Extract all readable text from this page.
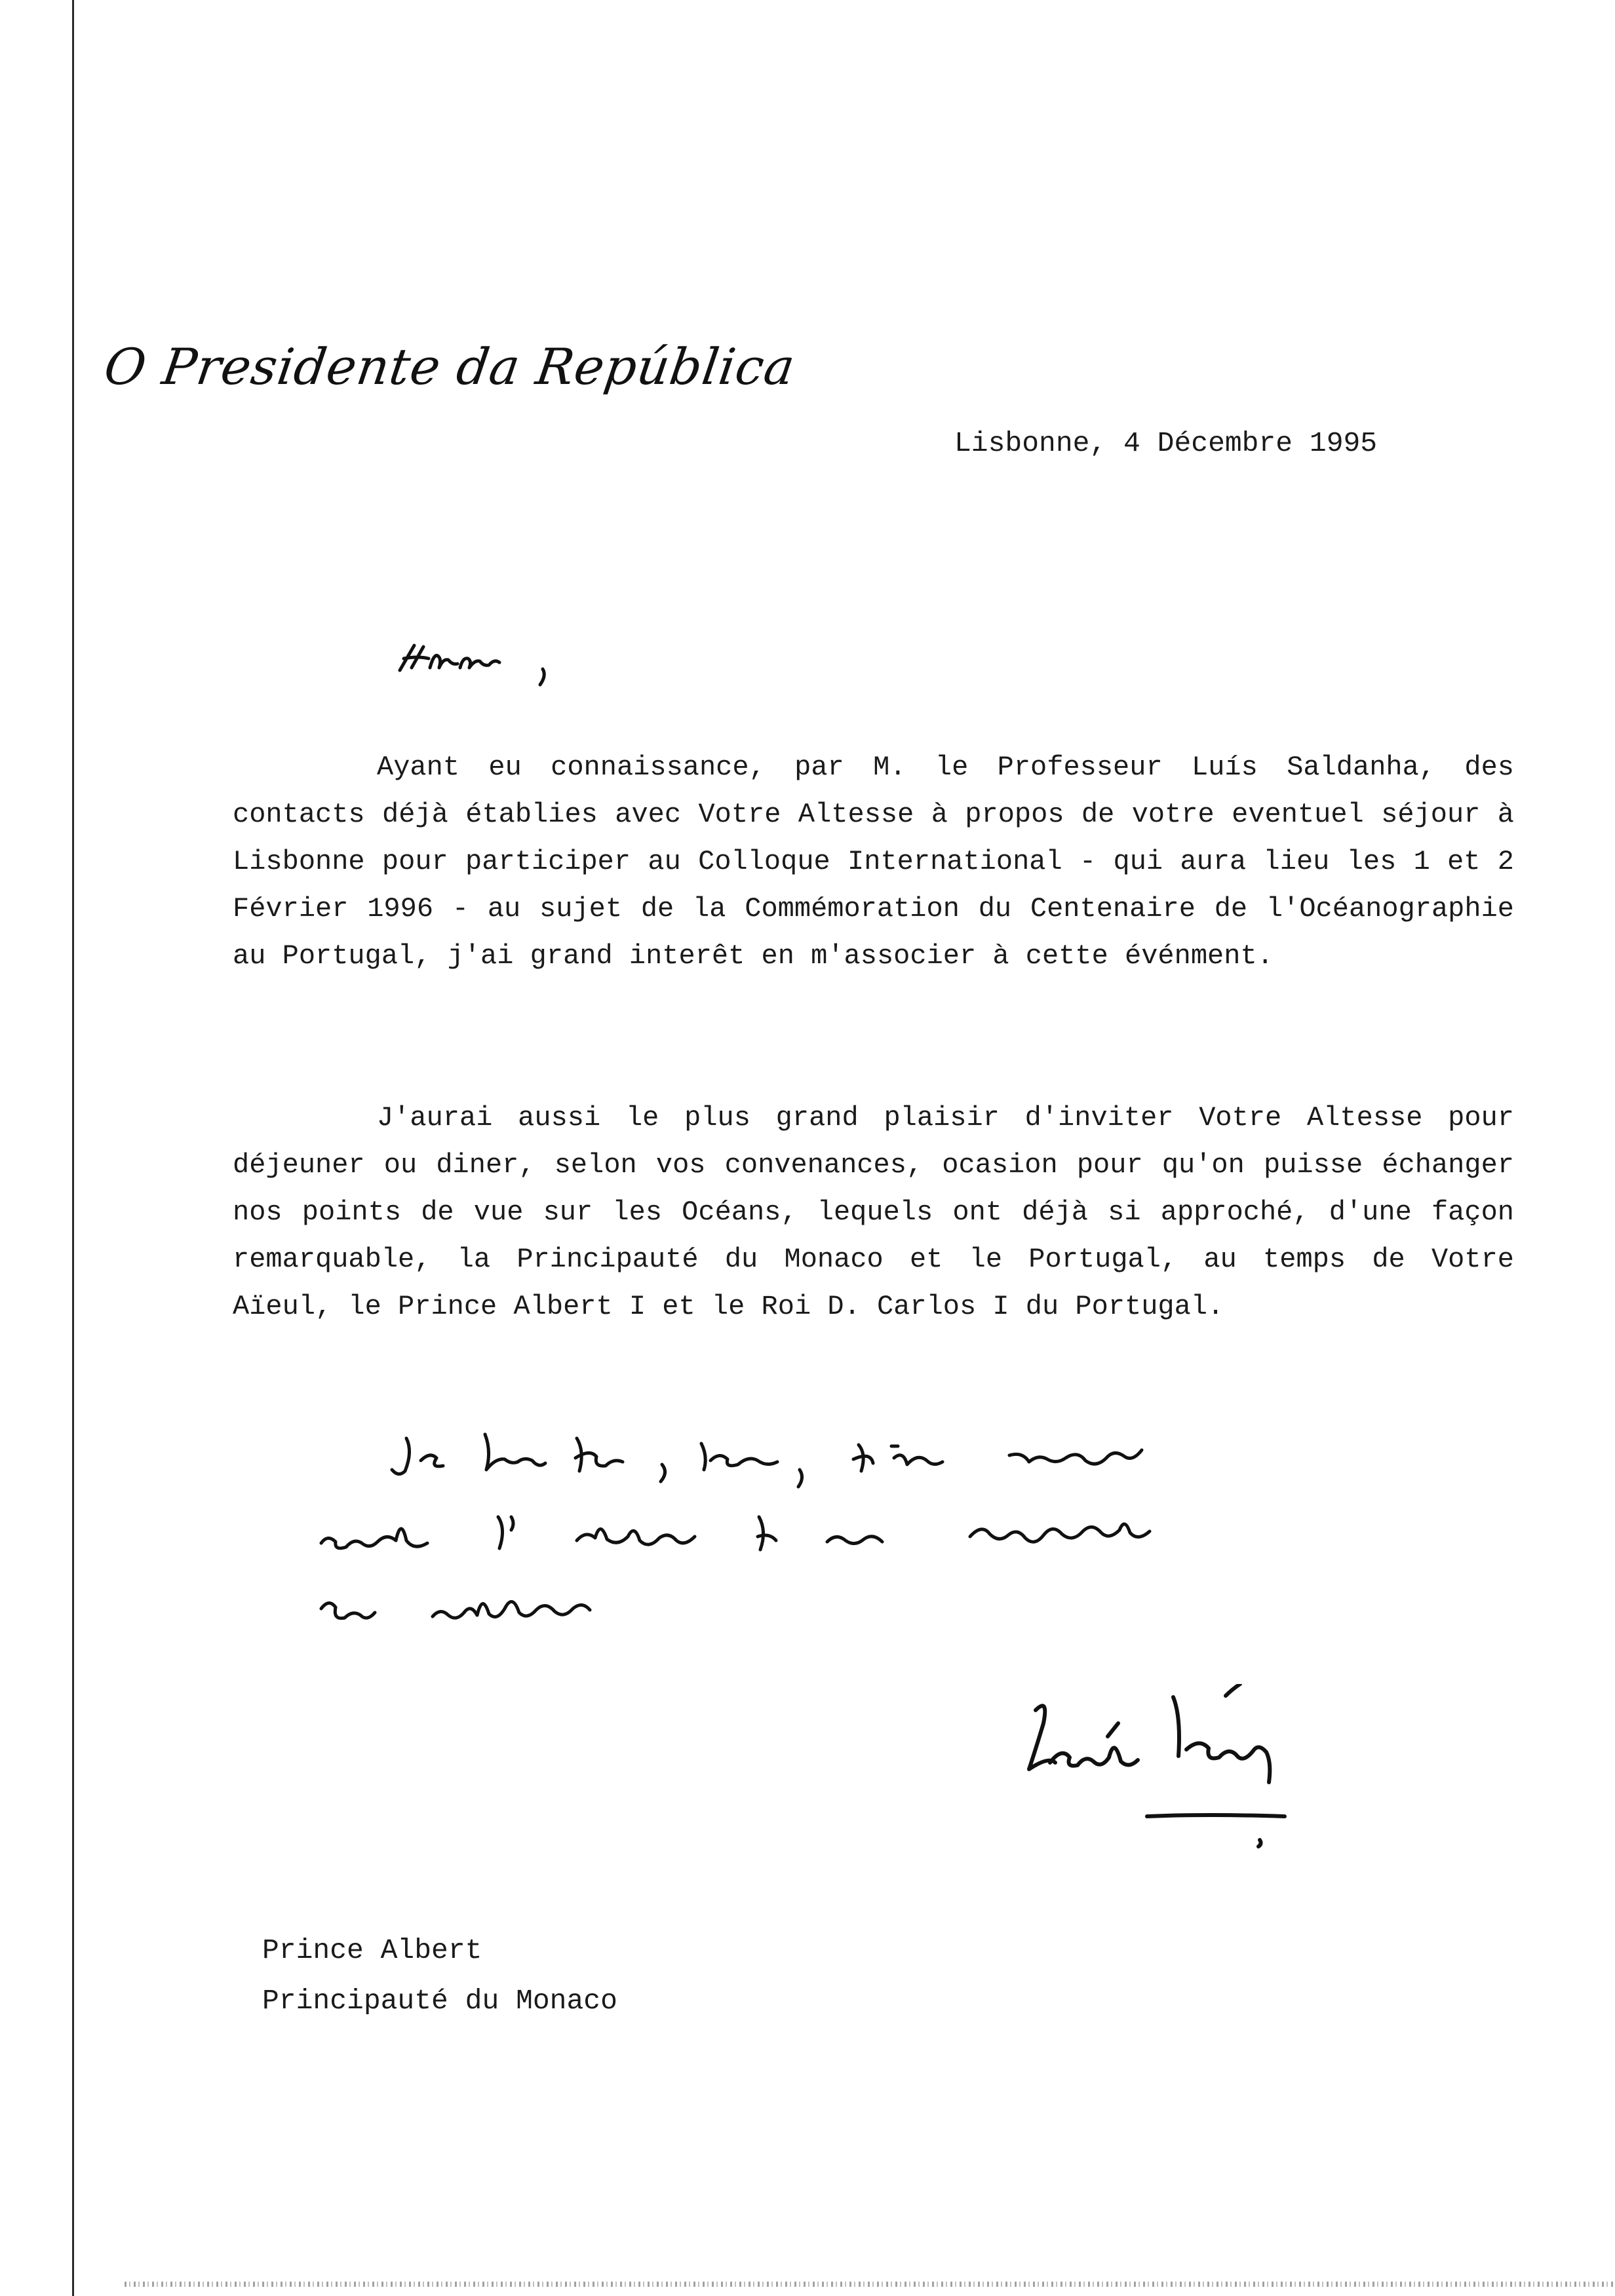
O Presidente da República
Lisbonne, 4 Décembre 1995

Ayant eu connaissance, par M. le Professeur Luís Saldanha, des contacts déjà établies avec Votre Altesse à propos de votre eventuel séjour à Lisbonne pour participer au Colloque International - qui aura lieu les 1 et 2 Février 1996 - au sujet de la Commémoration du Centenaire de l'Océanographie au Portugal, j'ai grand interêt en m'associer à cette événment.

J'aurai aussi le plus grand plaisir d'inviter Votre Altesse pour déjeuner ou diner, selon vos convenances, ocasion pour qu'on puisse échanger nos points de vue sur les Océans, lequels ont déjà si approché, d'une façon remarquable, la Principauté du Monaco et le Portugal, au temps de Votre Aïeul, le Prince Albert I et le Roi D. Carlos I du Portugal.

Prince Albert
Principauté du Monaco
